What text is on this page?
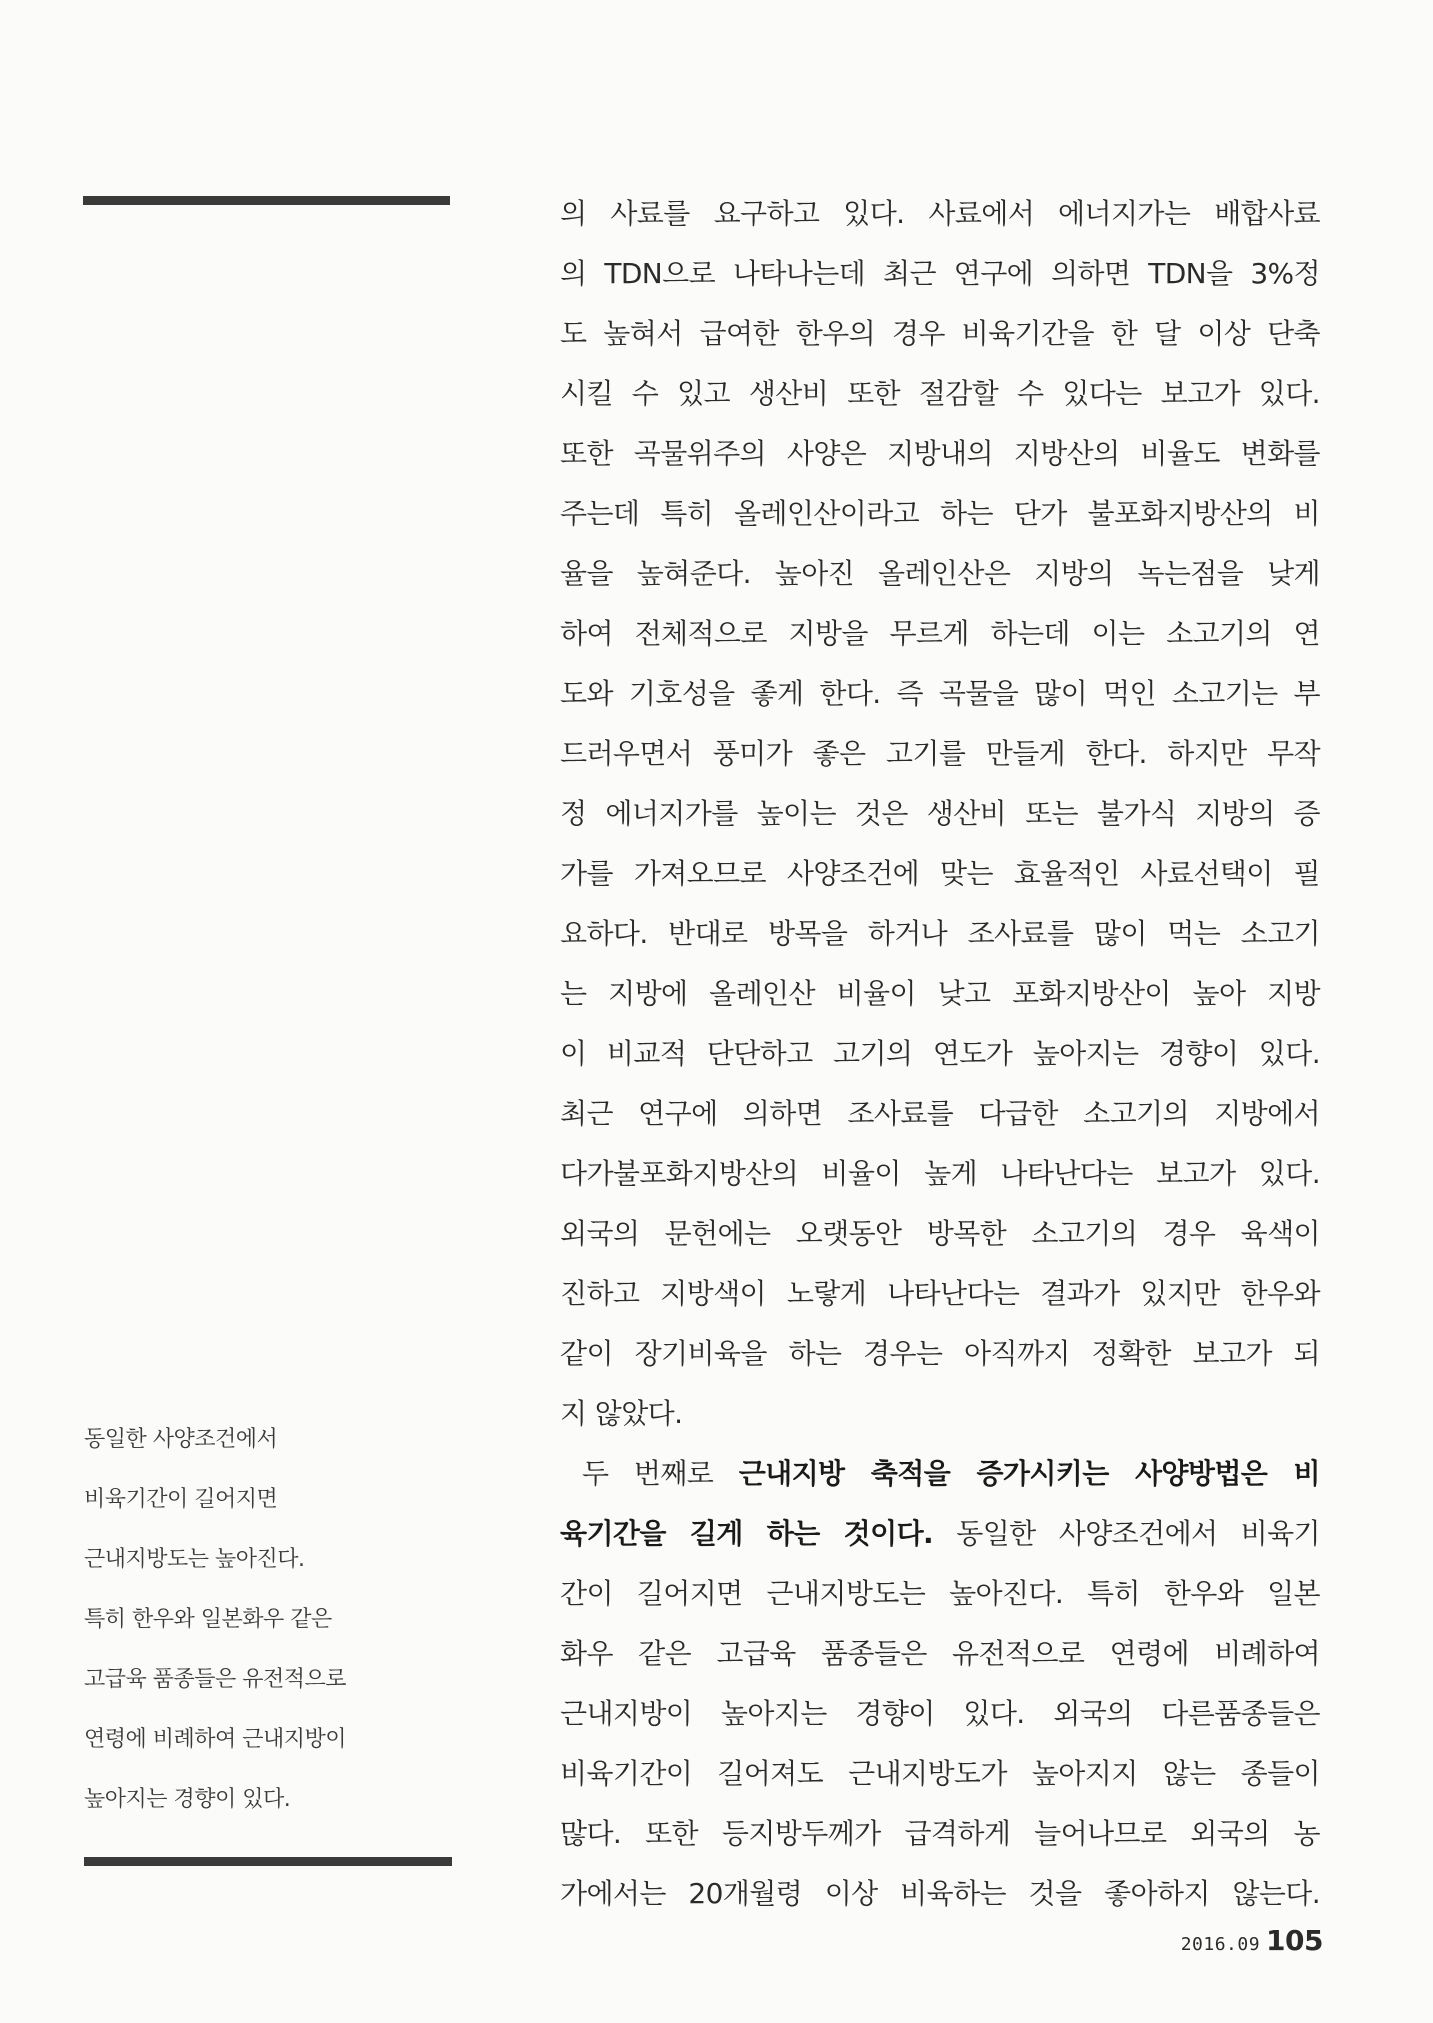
의 사료를 요구하고 있다. 사료에서 에너지가는 배합사료
의 TDN으로 나타나는데 최근 연구에 의하면 TDN을 3%정
도 높혀서 급여한 한우의 경우 비육기간을 한 달 이상 단축
시킬 수 있고 생산비 또한 절감할 수 있다는 보고가 있다.
또한 곡물위주의 사양은 지방내의 지방산의 비율도 변화를
주는데 특히 올레인산이라고 하는 단가 불포화지방산의 비
율을 높혀준다. 높아진 올레인산은 지방의 녹는점을 낮게
하여 전체적으로 지방을 무르게 하는데 이는 소고기의 연
도와 기호성을 좋게 한다. 즉 곡물을 많이 먹인 소고기는 부
드러우면서 풍미가 좋은 고기를 만들게 한다. 하지만 무작
정 에너지가를 높이는 것은 생산비 또는 불가식 지방의 증
가를 가져오므로 사양조건에 맞는 효율적인 사료선택이 필
요하다. 반대로 방목을 하거나 조사료를 많이 먹는 소고기
는 지방에 올레인산 비율이 낮고 포화지방산이 높아 지방
이 비교적 단단하고 고기의 연도가 높아지는 경향이 있다.
최근 연구에 의하면 조사료를 다급한 소고기의 지방에서
다가불포화지방산의 비율이 높게 나타난다는 보고가 있다.
외국의 문헌에는 오랫동안 방목한 소고기의 경우 육색이
진하고 지방색이 노랗게 나타난다는 결과가 있지만 한우와
같이 장기비육을 하는 경우는 아직까지 정확한 보고가 되
지 않았다.
두 번째로 근내지방 축적을 증가시키는 사양방법은 비
육기간을 길게 하는 것이다. 동일한 사양조건에서 비육기
간이 길어지면 근내지방도는 높아진다. 특히 한우와 일본
화우 같은 고급육 품종들은 유전적으로 연령에 비례하여
근내지방이 높아지는 경향이 있다. 외국의 다른품종들은
비육기간이 길어져도 근내지방도가 높아지지 않는 종들이
많다. 또한 등지방두께가 급격하게 늘어나므로 외국의 농
가에서는 20개월령 이상 비육하는 것을 좋아하지 않는다.
동일한 사양조건에서
비육기간이 길어지면
근내지방도는 높아진다.
특히 한우와 일본화우 같은
고급육 품종들은 유전적으로
연령에 비례하여 근내지방이
높아지는 경향이 있다.
2016.09 105
